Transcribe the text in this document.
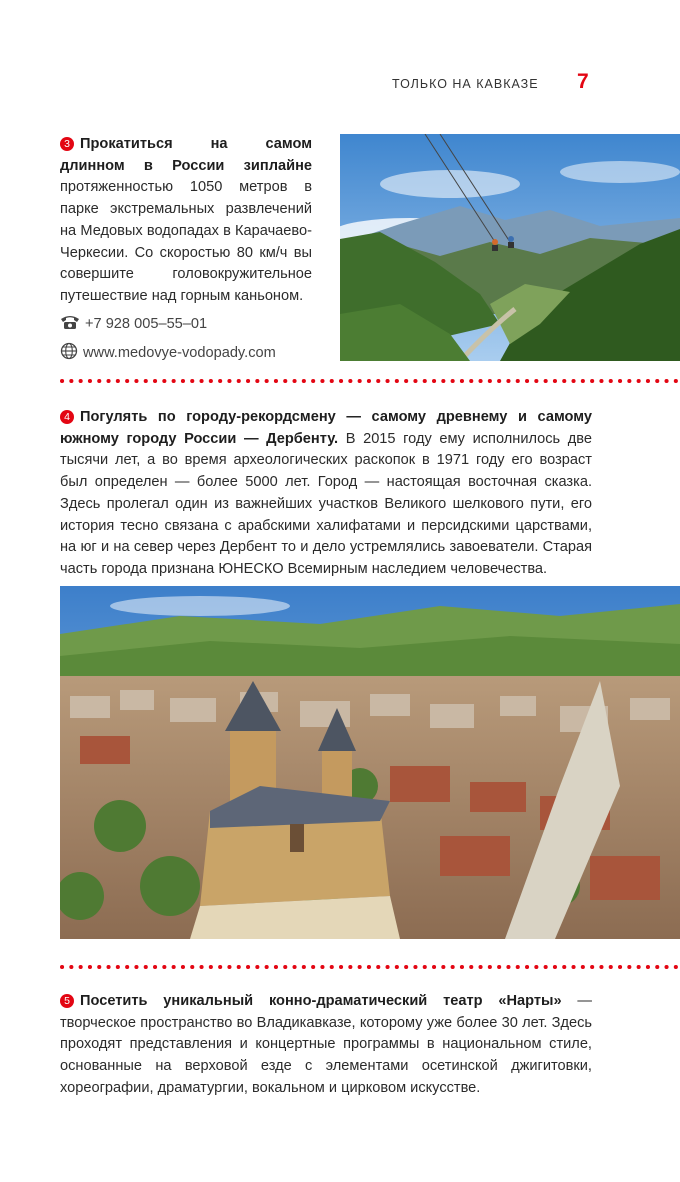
ТОЛЬКО НА КАВКАЗЕ 7
3 Прокатиться на самом длинном в России зиплайне протяженностью 1050 метров в парке экстремальных развлечений на Медовых водопадах в Карачаево-Черкесии. Со скоростью 80 км/ч вы совершите головокружительное путешествие над горным каньоном.
+7 928 005–55–01
www.medovye-vodopady.com
4 Погулять по городу-рекордсмену — самому древнему и самому южному городу России — Дербенту. В 2015 году ему исполнилось две тысячи лет, а во время археологических раскопок в 1971 году его возраст был определен — более 5000 лет. Город — настоящая восточная сказка. Здесь пролегал один из важнейших участков Великого шелкового пути, его история тесно связана с арабскими халифатами и персидскими царствами, на юг и на север через Дербент то и дело устремлялись завоеватели. Старая часть города признана ЮНЕСКО Всемирным наследием человечества.
5 Посетить уникальный конно-драматический театр «Нарты» — творческое пространство во Владикавказе, которому уже более 30 лет. Здесь проходят представления и концертные программы в национальном стиле, основанные на верховой езде с элементами осетинской джигитовки, хореографии, драматургии, вокальном и цирковом искусстве.
